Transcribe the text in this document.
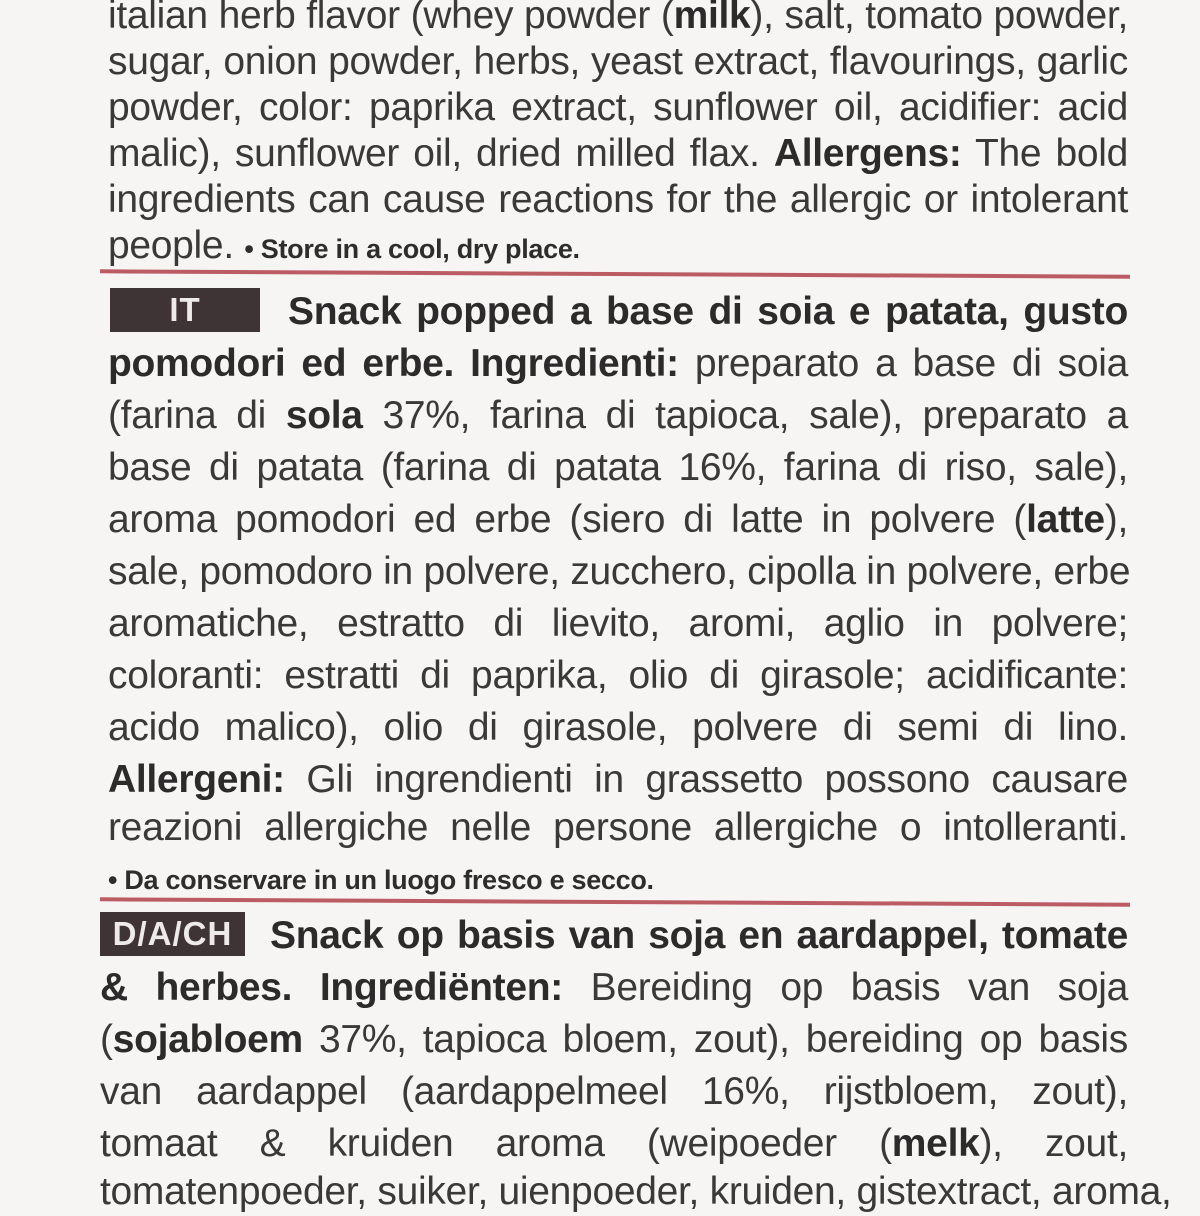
italian herb flavor (whey powder (milk), salt, tomato powder,
sugar, onion powder, herbs, yeast extract, flavourings, garlic
powder, color: paprika extract, sunflower oil, acidifier: acid
malic), sunflower oil, dried milled flax. Allergens: The bold
ingredients can cause reactions for the allergic or intolerant
people. • Store in a cool, dry place.
IT	Snack popped a base di soia e patata, gusto
pomodori ed erbe. Ingredienti: preparato a base di soia
(farina di sola 37%, farina di tapioca, sale), preparato a
base di patata (farina di patata 16%, farina di riso, sale),
aroma pomodori ed erbe (siero di latte in polvere (latte),
sale, pomodoro in polvere, zucchero, cipolla in polvere, erbe
aromatiche, estratto di lievito, aromi, aglio in polvere;
coloranti: estratti di paprika, olio di girasole; acidificante:
acido malico), olio di girasole, polvere di semi di lino.
Allergeni: Gli ingrendienti in grassetto possono causare
reazioni allergiche nelle persone allergiche o intolleranti.
• Da conservare in un luogo fresco e secco.
D/A/CH Snack op basis van soja en aardappel, tomate
& herbes. Ingrediënten: Bereiding op basis van soja
(sojabloem 37%, tapioca bloem, zout), bereiding op basis
van aardappel (aardappelmeel 16%, rijstbloem, zout),
tomaat & kruiden aroma (weipoeder (melk), zout,
tomatenpoeder, suiker, uienpoeder, kruiden, gistextract, aroma,
